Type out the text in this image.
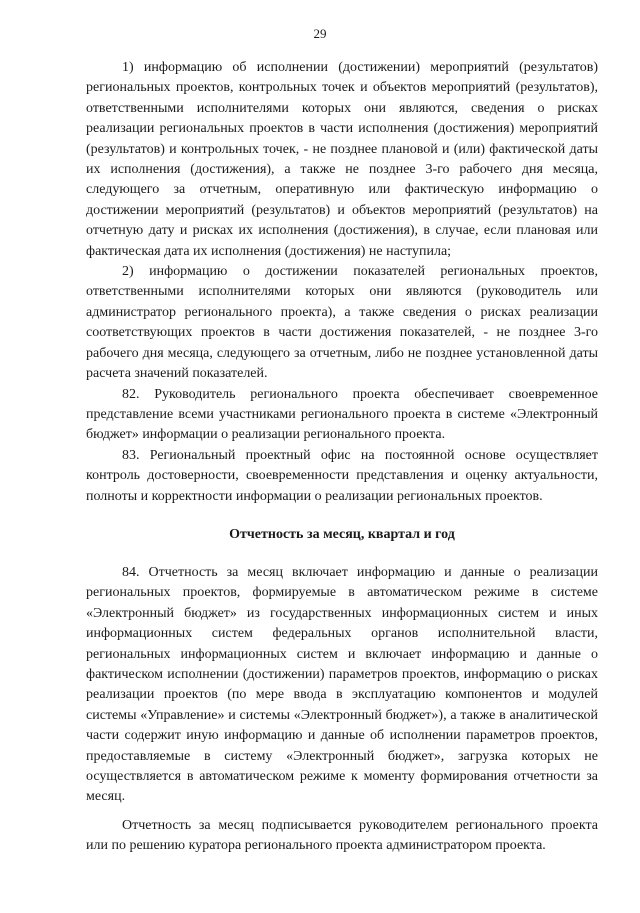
29

1) информацию об исполнении (достижении) мероприятий (результатов) региональных проектов, контрольных точек и объектов мероприятий (результатов), ответственными исполнителями которых они являются, сведения о рисках реализации региональных проектов в части исполнения (достижения) мероприятий (результатов) и контрольных точек, - не позднее плановой и (или) фактической даты их исполнения (достижения), а также не позднее 3-го рабочего дня месяца, следующего за отчетным, оперативную или фактическую информацию о достижении мероприятий (результатов) и объектов мероприятий (результатов) на отчетную дату и рисках их исполнения (достижения), в случае, если плановая или фактическая дата их исполнения (достижения) не наступила;

2) информацию о достижении показателей региональных проектов, ответственными исполнителями которых они являются (руководитель или администратор регионального проекта), а также сведения о рисках реализации соответствующих проектов в части достижения показателей, - не позднее 3-го рабочего дня месяца, следующего за отчетным, либо не позднее установленной даты расчета значений показателей.

82. Руководитель регионального проекта обеспечивает своевременное представление всеми участниками регионального проекта в системе «Электронный бюджет» информации о реализации регионального проекта.

83. Региональный проектный офис на постоянной основе осуществляет контроль достоверности, своевременности представления и оценку актуальности, полноты и корректности информации о реализации региональных проектов.

Отчетность за месяц, квартал и год

84. Отчетность за месяц включает информацию и данные о реализации региональных проектов, формируемые в автоматическом режиме в системе «Электронный бюджет» из государственных информационных систем и иных информационных систем федеральных органов исполнительной власти, региональных информационных систем и включает информацию и данные о фактическом исполнении (достижении) параметров проектов, информацию о рисках реализации проектов (по мере ввода в эксплуатацию компонентов и модулей системы «Управление» и системы «Электронный бюджет»), а также в аналитической части содержит иную информацию и данные об исполнении параметров проектов, предоставляемые в систему «Электронный бюджет», загрузка которых не осуществляется в автоматическом режиме к моменту формирования отчетности за месяц.

Отчетность за месяц подписывается руководителем регионального проекта или по решению куратора регионального проекта администратором проекта.
